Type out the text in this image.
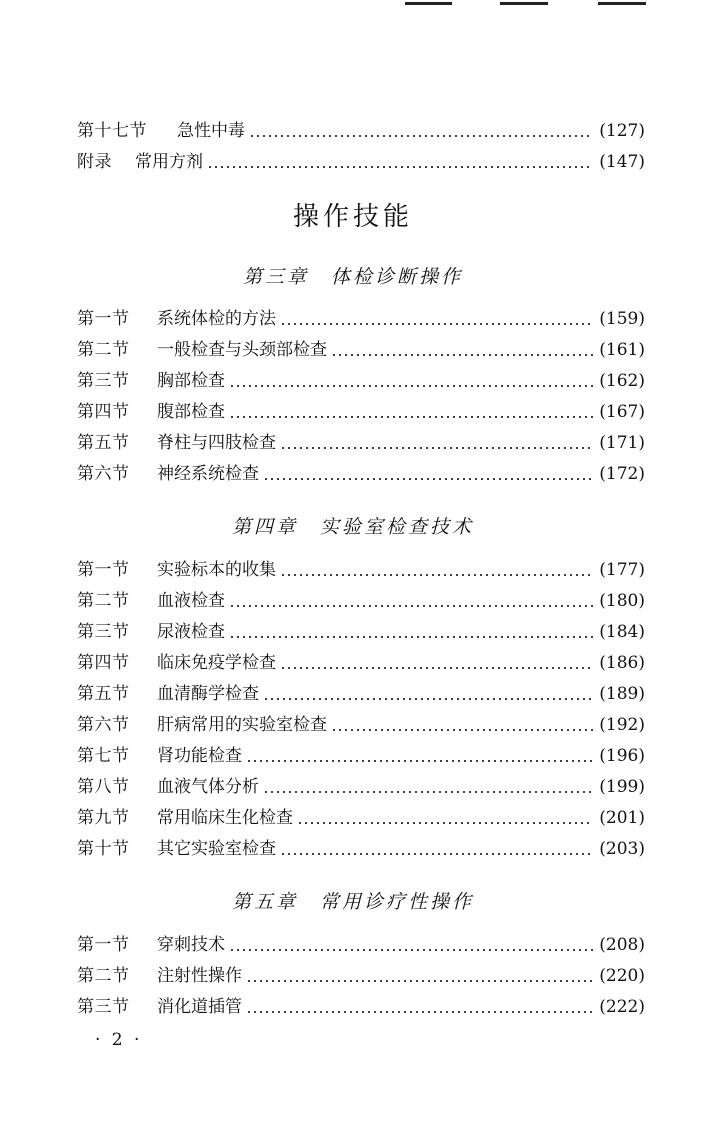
第十七节	急性中毒	(127)
附录	常用方剂	(147)
操作技能
第三章　体检诊断操作
第一节	系统体检的方法	(159)
第二节	一般检查与头颈部检查	(161)
第三节	胸部检查	(162)
第四节	腹部检查	(167)
第五节	脊柱与四肢检查	(171)
第六节	神经系统检查	(172)
第四章　实验室检查技术
第一节	实验标本的收集	(177)
第二节	血液检查	(180)
第三节	尿液检查	(184)
第四节	临床免疫学检查	(186)
第五节	血清酶学检查	(189)
第六节	肝病常用的实验室检查	(192)
第七节	肾功能检查	(196)
第八节	血液气体分析	(199)
第九节	常用临床生化检查	(201)
第十节	其它实验室检查	(203)
第五章　常用诊疗性操作
第一节	穿刺技术	(208)
第二节	注射性操作	(220)
第三节	消化道插管	(222)
· 2 ·
